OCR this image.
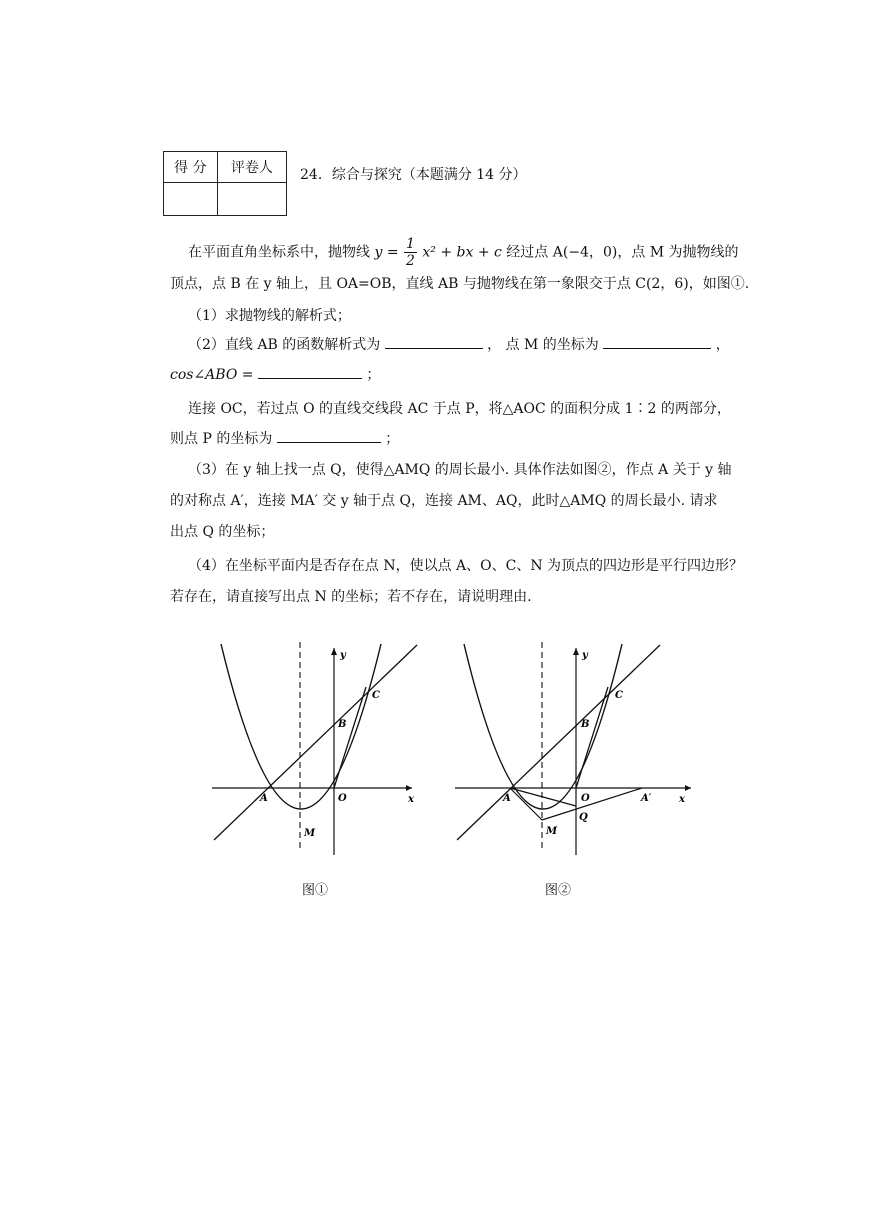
得 分	评卷人
	24．综合与探究（本题满分 14 分）
在平面直角坐标系中，抛物线 $y = \frac{1}{2} x^2$ + bx + c 经过点 A(−4，0)，点 M 为抛物线的
顶点，点 B 在 y 轴上，且 OA=OB，直线 AB 与抛物线在第一象限交于点 C(2，6)，如图①.
（1）求抛物线的解析式；
（2）直线 AB 的函数解析式为	， 点 M 的坐标为	，
cos∠ABO =	；
连接 OC，若过点 O 的直线交线段 AC 于点 P，将△AOC 的面积分成 1∶2 的两部分，
则点 P 的坐标为	；
（3）在 y 轴上找一点 Q，使得△AMQ 的周长最小. 具体作法如图②，作点 A 关于 y 轴
的对称点 A′，连接 MA′ 交 y 轴于点 Q，连接 AM、AQ，此时△AMQ 的周长最小. 请求
出点 Q 的坐标；
（4）在坐标平面内是否存在点 N，使以点 A、O、C、N 为顶点的四边形是平行四边形？
若存在，请直接写出点 N 的坐标；若不存在，请说明理由.
y
x
A	O
B
C
M
图①
y
x
A	O
B
C
M
Q
A′
图②
